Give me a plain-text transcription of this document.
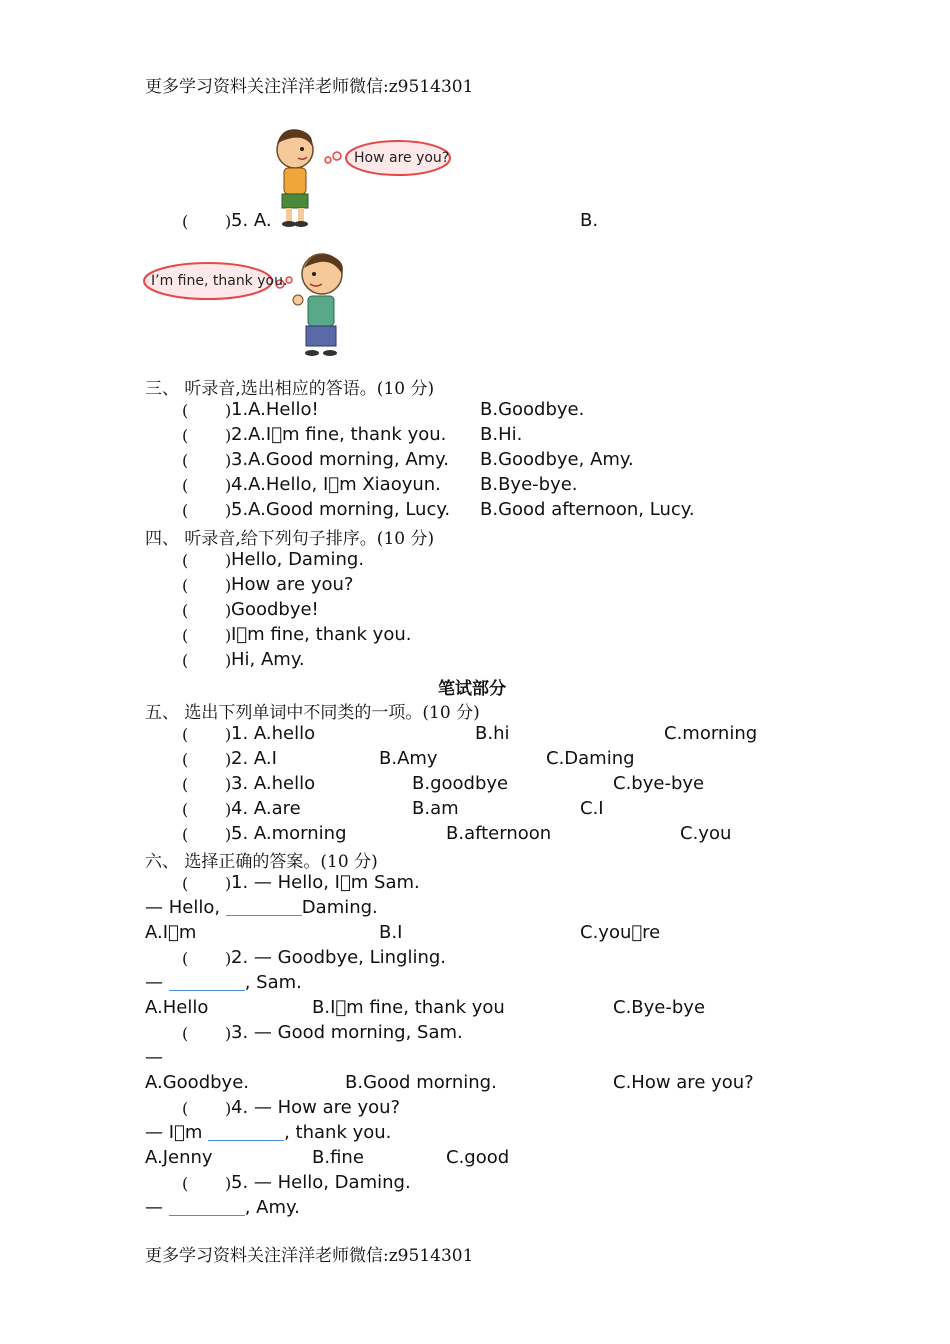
更多学习资料关注洋洋老师微信:z9514301
How are you?
( ) 5. A.	B.
I’m fine, thank you.
三、 听录音,选出相应的答语。(10 分)
( ) 1.A.Hello!	B.Goodbye.
( ) 2.A.I m fine, thank you. B.Hi.
( ) 3.A.Good morning, Amy. B.Goodbye, Amy.
( ) 4.A.Hello, I m Xiaoyun. B.Bye-bye.
( ) 5.A.Good morning, Lucy. B.Good afternoon, Lucy.
四、 听录音,给下列句子排序。(10 分)
( ) Hello, Daming.
( ) How are you?
( ) Goodbye!
( ) I m fine, thank you.
( ) Hi, Amy.
笔试部分
五、 选出下列单词中不同类的一项。(10 分)
( ) 1. A.hello	B.hi	C.morning
( ) 2. A.I	B.Amy	C.Daming
( ) 3. A.hello	B.goodbye	C.bye-bye
( ) 4. A.are	B.am	C.I
( ) 5. A.morning	B.afternoon	C.you
六、 选择正确的答案。(10 分)
( ) 1. — Hello, I m Sam.
— Hello,	Daming.
A.I m	B.I	C.you re
( ) 2. — Goodbye, Lingling.
—	, Sam.
A.Hello	B.I m fine, thank you	C.Bye-bye
( ) 3. — Good morning, Sam.
—
A.Goodbye.	B.Good morning.	C.How are you?
( ) 4. — How are you?
— I m	, thank you.
A.Jenny	B.fine	C.good
( ) 5. — Hello, Daming.
—	, Amy.
更多学习资料关注洋洋老师微信:z9514301
